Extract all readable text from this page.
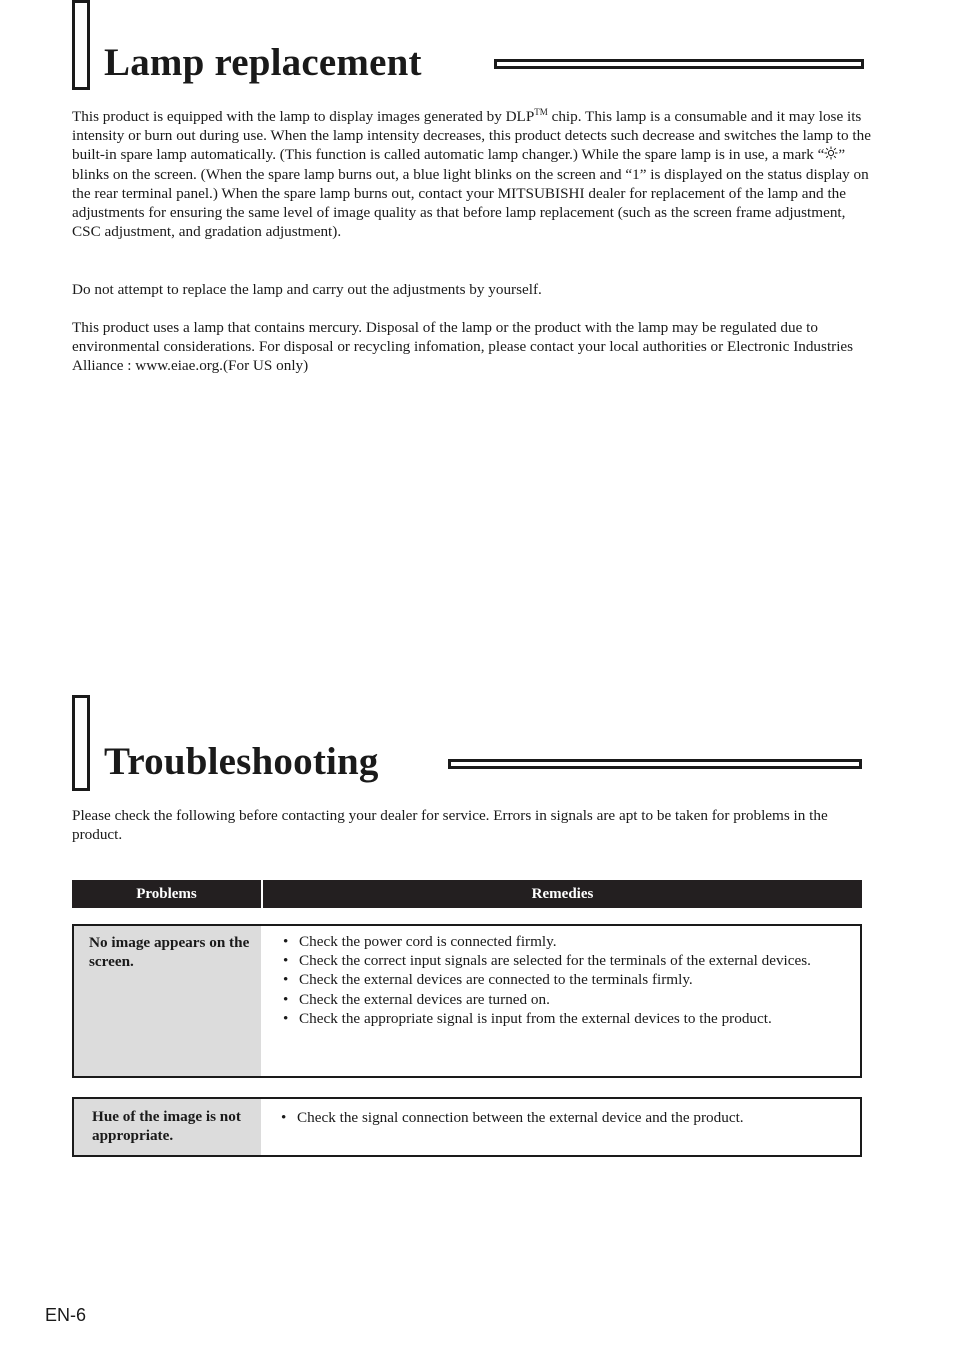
Lamp replacement

This product is equipped with the lamp to display images generated by DLP™ chip. This lamp is a consumable and it may lose its intensity or burn out during use. When the lamp intensity decreases, this product detects such decrease and switches the lamp to the built-in spare lamp automatically. (This function is called automatic lamp changer.) While the spare lamp is in use, a mark “ ” blinks on the screen. (When the spare lamp burns out, a blue light blinks on the screen and “1” is displayed on the status display on the rear terminal panel.) When the spare lamp burns out, contact your MITSUBISHI dealer for replacement of the lamp and the adjustments for ensuring the same level of image quality as that before lamp replacement (such as the screen frame adjustment, CSC adjustment, and gradation adjustment).

Do not attempt to replace the lamp and carry out the adjustments by yourself.

This product uses a lamp that contains mercury. Disposal of the lamp or the product with the lamp may be regulated due to environmental considerations. For disposal or recycling infomation, please contact your local authorities or Electronic Industries Alliance : www.eiae.org.(For US only)

Troubleshooting

Please check the following before contacting your dealer for service. Errors in signals are apt to be taken for problems in the product.

Problems	Remedies
No image appears on the screen.
• Check the power cord is connected firmly.
• Check the correct input signals are selected for the terminals of the external devices.
• Check the external devices are connected to the terminals firmly.
• Check the external devices are turned on.
• Check the appropriate signal is input from the external devices to the product.
Hue of the image is not appropriate.
• Check the signal connection between the external device and the product.
EN-6
